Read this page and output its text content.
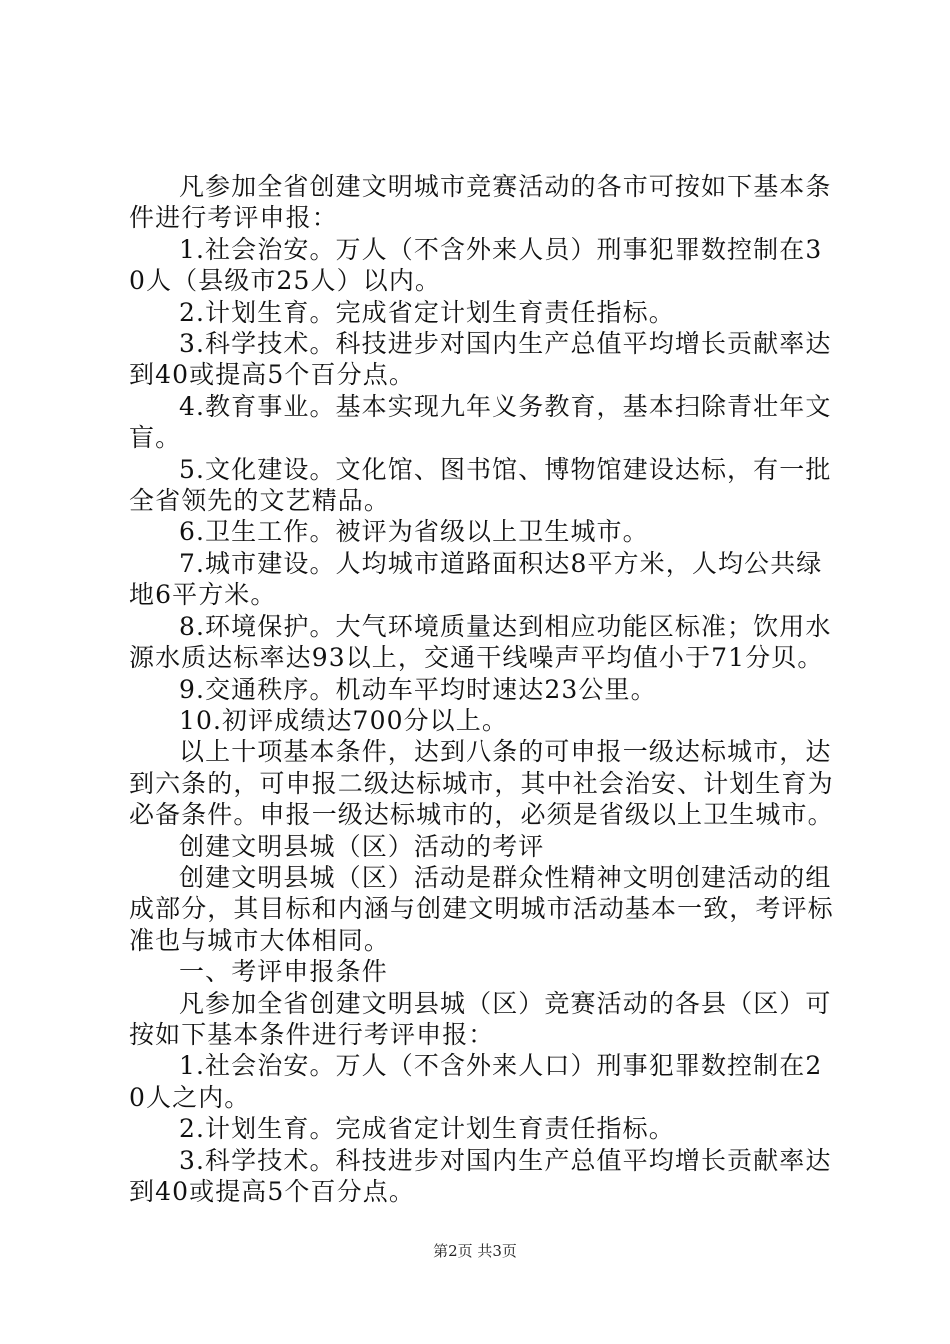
凡参加全省创建文明城市竞赛活动的各市可按如下基本条件进行考评申报：

1.社会治安。万人（不含外来人员）刑事犯罪数控制在30人（县级市25人）以内。

2.计划生育。完成省定计划生育责任指标。

3.科学技术。科技进步对国内生产总值平均增长贡献率达到40或提高5个百分点。

4.教育事业。基本实现九年义务教育，基本扫除青壮年文盲。

5.文化建设。文化馆、图书馆、博物馆建设达标，有一批全省领先的文艺精品。

6.卫生工作。被评为省级以上卫生城市。

7.城市建设。人均城市道路面积达8平方米，人均公共绿地6平方米。

8.环境保护。大气环境质量达到相应功能区标准；饮用水源水质达标率达93以上，交通干线噪声平均值小于71分贝。

9.交通秩序。机动车平均时速达23公里。

10.初评成绩达700分以上。

以上十项基本条件，达到八条的可申报一级达标城市，达到六条的，可申报二级达标城市，其中社会治安、计划生育为必备条件。申报一级达标城市的，必须是省级以上卫生城市。

创建文明县城（区）活动的考评

创建文明县城（区）活动是群众性精神文明创建活动的组成部分，其目标和内涵与创建文明城市活动基本一致，考评标准也与城市大体相同。

一、考评申报条件

凡参加全省创建文明县城（区）竞赛活动的各县（区）可按如下基本条件进行考评申报：

1.社会治安。万人（不含外来人口）刑事犯罪数控制在20人之内。

2.计划生育。完成省定计划生育责任指标。

3.科学技术。科技进步对国内生产总值平均增长贡献率达到40或提高5个百分点。

第2页 共3页
